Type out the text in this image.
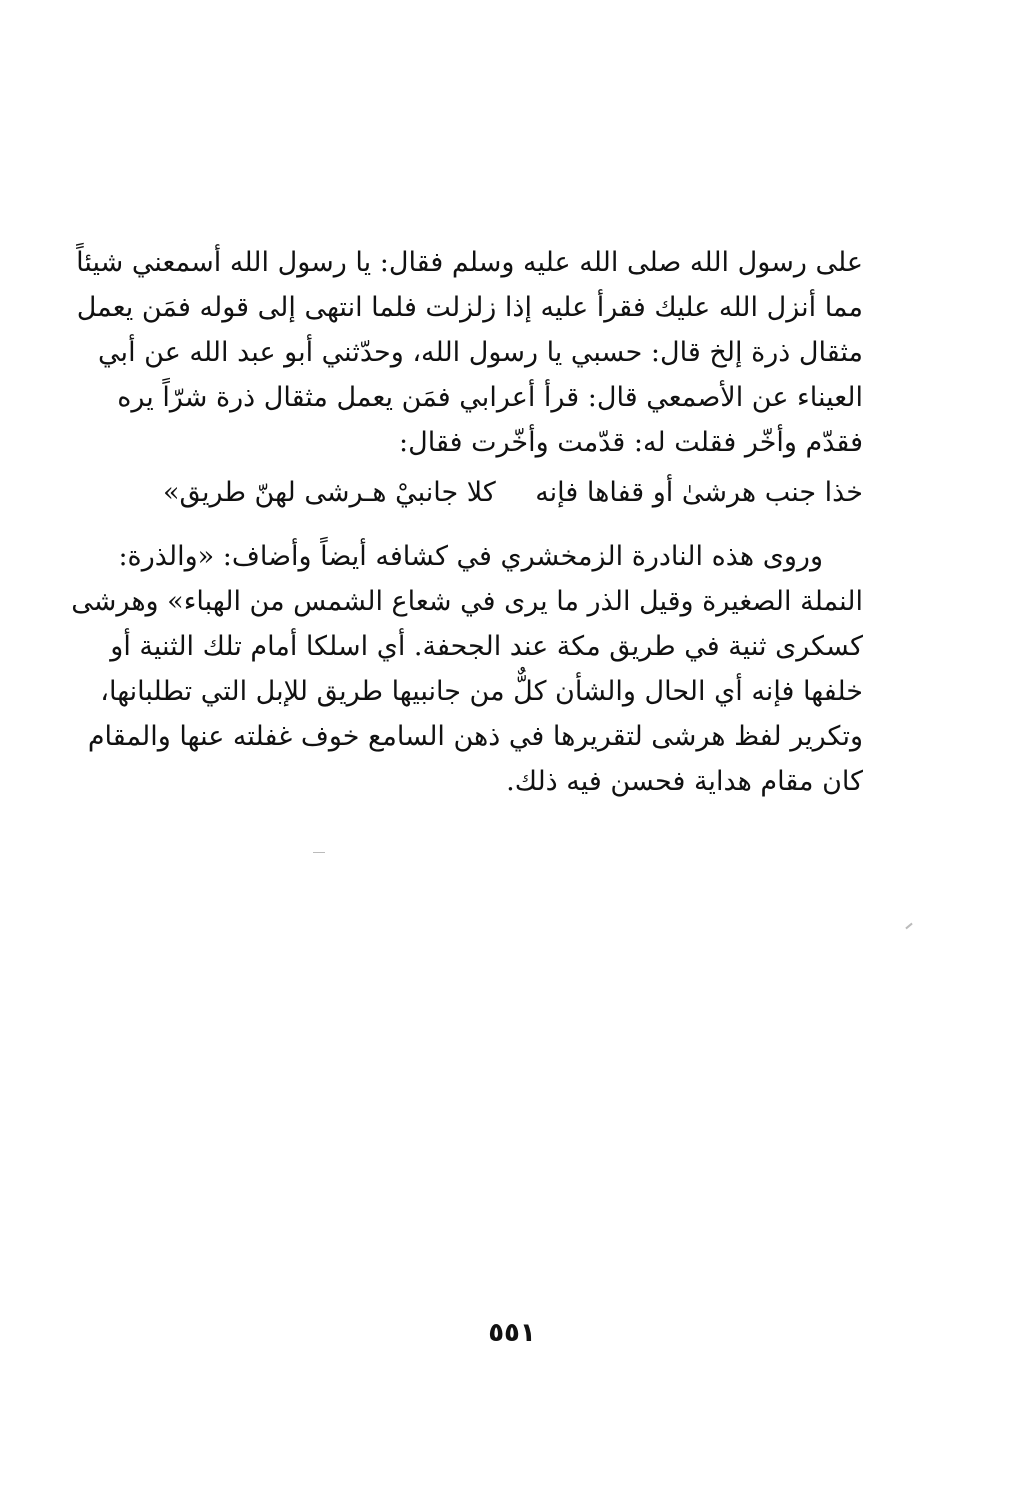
على رسول الله صلى الله عليه وسلم فقال: يا رسول الله أسمعني شيئاً
مما أنزل الله عليك فقرأ عليه إذا زلزلت فلما انتهى إلى قوله فمَن يعمل
مثقال ذرة إلخ قال: حسبي يا رسول الله، وحدّثني أبو عبد الله عن أبي
العيناء عن الأصمعي قال: قرأ أعرابي فمَن يعمل مثقال ذرة شرّاً يره
فقدّم وأخّر فقلت له: قدّمت وأخّرت فقال:
خذا جنب هرشىٰ أو قفاها فإنه
كلا جانبيْ هـرشى لهنّ طريق»
وروى هذه النادرة الزمخشري في كشافه أيضاً وأضاف: «والذرة:
النملة الصغيرة وقيل الذر ما يرى في شعاع الشمس من الهباء» وهرشى
كسكرى ثنية في طريق مكة عند الجحفة. أي اسلكا أمام تلك الثنية أو
خلفها فإنه أي الحال والشأن كلٌّ من جانبيها طريق للإبل التي تطلبانها،
وتكرير لفظ هرشى لتقريرها في ذهن السامع خوف غفلته عنها والمقام
كان مقام هداية فحسن فيه ذلك.
٥٥١
